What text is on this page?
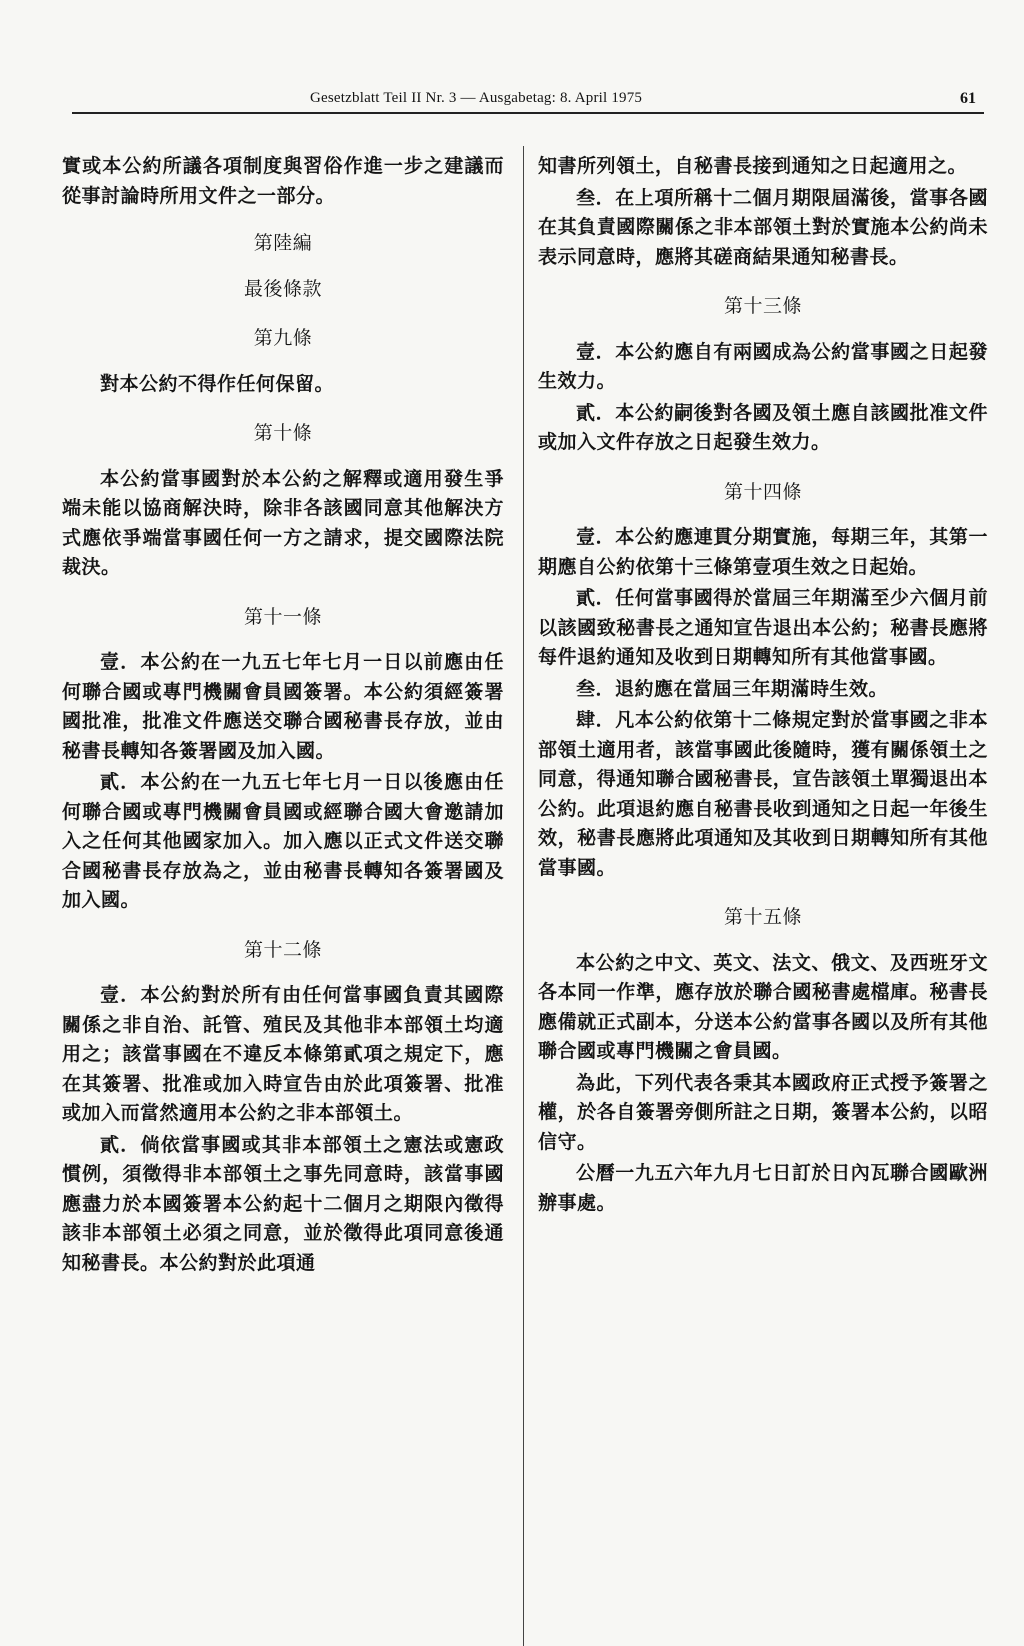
Gesetzblatt Teil II Nr. 3 — Ausgabetag: 8. April 1975	61

實或本公約所議各項制度與習俗作進一步之建議而從事討論時所用文件之一部分。

第陸編
最後條款
第九條

對本公約不得作任何保留。

第十條

本公約當事國對於本公約之解釋或適用發生爭端未能以協商解決時，除非各該國同意其他解決方式應依爭端當事國任何一方之請求，提交國際法院裁決。

第十一條

壹．本公約在一九五七年七月一日以前應由任何聯合國或專門機關會員國簽署。本公約須經簽署國批准，批准文件應送交聯合國秘書長存放，並由秘書長轉知各簽署國及加入國。

貳．本公約在一九五七年七月一日以後應由任何聯合國或專門機關會員國或經聯合國大會邀請加入之任何其他國家加入。加入應以正式文件送交聯合國秘書長存放為之，並由秘書長轉知各簽署國及加入國。

第十二條

壹．本公約對於所有由任何當事國負責其國際關係之非自治、託管、殖民及其他非本部領土均適用之；該當事國在不違反本條第貳項之規定下，應在其簽署、批准或加入時宣告由於此項簽署、批准或加入而當然適用本公約之非本部領土。

貳．倘依當事國或其非本部領土之憲法或憲政慣例，須徵得非本部領土之事先同意時，該當事國應盡力於本國簽署本公約起十二個月之期限內徵得該非本部領土必須之同意，並於徵得此項同意後通知秘書長。本公約對於此項通

知書所列領土，自秘書長接到通知之日起適用之。

叁．在上項所稱十二個月期限屆滿後，當事各國在其負責國際關係之非本部領土對於實施本公約尚未表示同意時，應將其磋商結果通知秘書長。

第十三條

壹．本公約應自有兩國成為公約當事國之日起發生效力。

貳．本公約嗣後對各國及領土應自該國批准文件或加入文件存放之日起發生效力。

第十四條

壹．本公約應連貫分期實施，每期三年，其第一期應自公約依第十三條第壹項生效之日起始。

貳．任何當事國得於當屆三年期滿至少六個月前以該國致秘書長之通知宣告退出本公約；秘書長應將每件退約通知及收到日期轉知所有其他當事國。

叁．退約應在當屆三年期滿時生效。

肆．凡本公約依第十二條規定對於當事國之非本部領土適用者，該當事國此後隨時，獲有關係領土之同意，得通知聯合國秘書長，宣告該領土單獨退出本公約。此項退約應自秘書長收到通知之日起一年後生效，秘書長應將此項通知及其收到日期轉知所有其他當事國。

第十五條

本公約之中文、英文、法文、俄文、及西班牙文各本同一作準，應存放於聯合國秘書處檔庫。秘書長應備就正式副本，分送本公約當事各國以及所有其他聯合國或專門機關之會員國。

為此，下列代表各秉其本國政府正式授予簽署之權，於各自簽署旁側所註之日期，簽署本公約，以昭信守。

公曆一九五六年九月七日訂於日內瓦聯合國歐洲辦事處。
